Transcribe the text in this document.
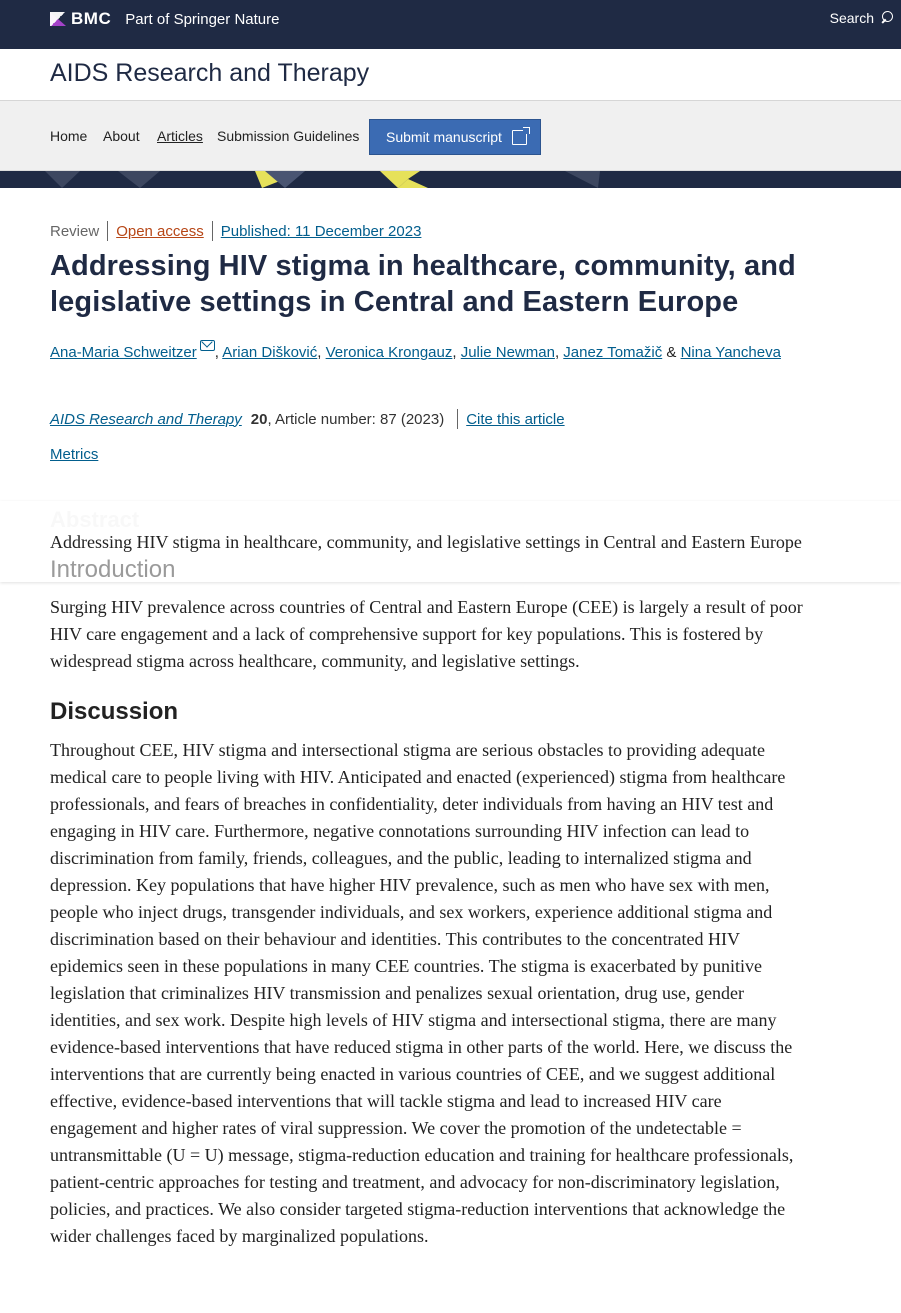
BMC Part of Springer Nature	Search
AIDS Research and Therapy
Home About Articles Submission Guidelines Submit manuscript
Review Open access Published: 11 December 2023
Addressing HIV stigma in healthcare, community, and legislative settings in Central and Eastern Europe
Ana-Maria Schweitzer , Arian Dišković, Veronica Krongauz, Julie Newman, Janez Tomažič & Nina Yancheva
AIDS Research and Therapy 20 , Article number: 87 (2023) Cite this article
Metrics
Addressing HIV stigma in healthcare, community, and legislative settings in Central and Eastern Europe
Introduction

Surging HIV prevalence across countries of Central and Eastern Europe (CEE) is largely a result of poor HIV care engagement and a lack of comprehensive support for key populations. This is fostered by widespread stigma across healthcare, community, and legislative settings.

Discussion

Throughout CEE, HIV stigma and intersectional stigma are serious obstacles to providing adequate medical care to people living with HIV. Anticipated and enacted (experienced) stigma from healthcare professionals, and fears of breaches in confidentiality, deter individuals from having an HIV test and engaging in HIV care. Furthermore, negative connotations surrounding HIV infection can lead to discrimination from family, friends, colleagues, and the public, leading to internalized stigma and depression. Key populations that have higher HIV prevalence, such as men who have sex with men, people who inject drugs, transgender individuals, and sex workers, experience additional stigma and discrimination based on their behaviour and identities. This contributes to the concentrated HIV epidemics seen in these populations in many CEE countries. The stigma is exacerbated by punitive legislation that criminalizes HIV transmission and penalizes sexual orientation, drug use, gender identities, and sex work. Despite high levels of HIV stigma and intersectional stigma, there are many evidence-based interventions that have reduced stigma in other parts of the world. Here, we discuss the interventions that are currently being enacted in various countries of CEE, and we suggest additional effective, evidence-based interventions that will tackle stigma and lead to increased HIV care engagement and higher rates of viral suppression. We cover the promotion of the undetectable = untransmittable (U = U) message, stigma-reduction education and training for healthcare professionals, patient-centric approaches for testing and treatment, and advocacy for non-discriminatory legislation, policies, and practices. We also consider targeted stigma-reduction interventions that acknowledge the wider challenges faced by marginalized populations.
